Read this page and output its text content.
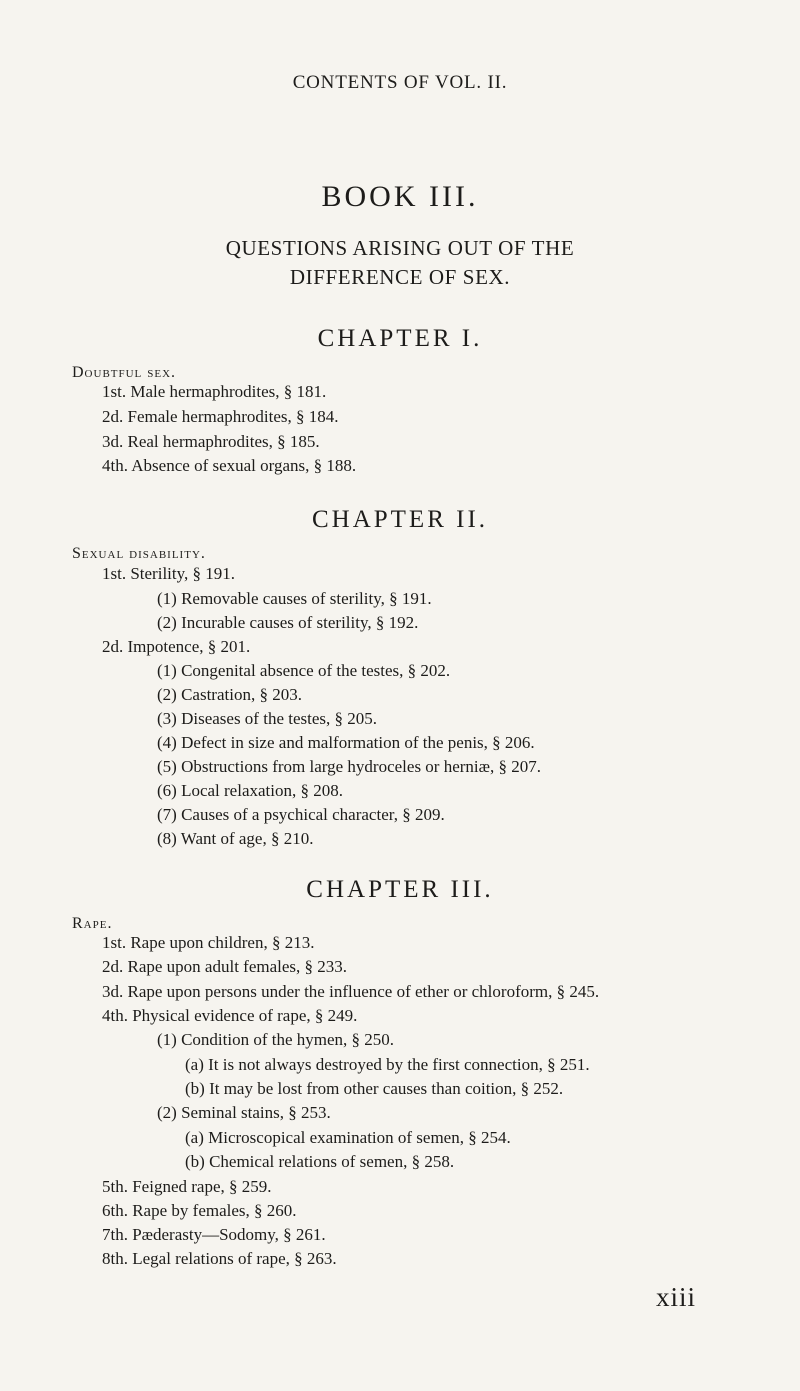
CONTENTS OF VOL. II.
BOOK III.
QUESTIONS ARISING OUT OF THE DIFFERENCE OF SEX.
CHAPTER I.
Doubtful sex.
1st. Male hermaphrodites, § 181.
2d. Female hermaphrodites, § 184.
3d. Real hermaphrodites, § 185.
4th. Absence of sexual organs, § 188.
CHAPTER II.
Sexual disability.
1st. Sterility, § 191.
(1) Removable causes of sterility, § 191.
(2) Incurable causes of sterility, § 192.
2d. Impotence, § 201.
(1) Congenital absence of the testes, § 202.
(2) Castration, § 203.
(3) Diseases of the testes, § 205.
(4) Defect in size and malformation of the penis, § 206.
(5) Obstructions from large hydroceles or herniæ, § 207.
(6) Local relaxation, § 208.
(7) Causes of a psychical character, § 209.
(8) Want of age, § 210.
CHAPTER III.
Rape.
1st. Rape upon children, § 213.
2d. Rape upon adult females, § 233.
3d. Rape upon persons under the influence of ether or chloroform, § 245.
4th. Physical evidence of rape, § 249.
(1) Condition of the hymen, § 250.
(a) It is not always destroyed by the first connection, § 251.
(b) It may be lost from other causes than coition, § 252.
(2) Seminal stains, § 253.
(a) Microscopical examination of semen, § 254.
(b) Chemical relations of semen, § 258.
5th. Feigned rape, § 259.
6th. Rape by females, § 260.
7th. Pæderasty—Sodomy, § 261.
8th. Legal relations of rape, § 263.
xiii
